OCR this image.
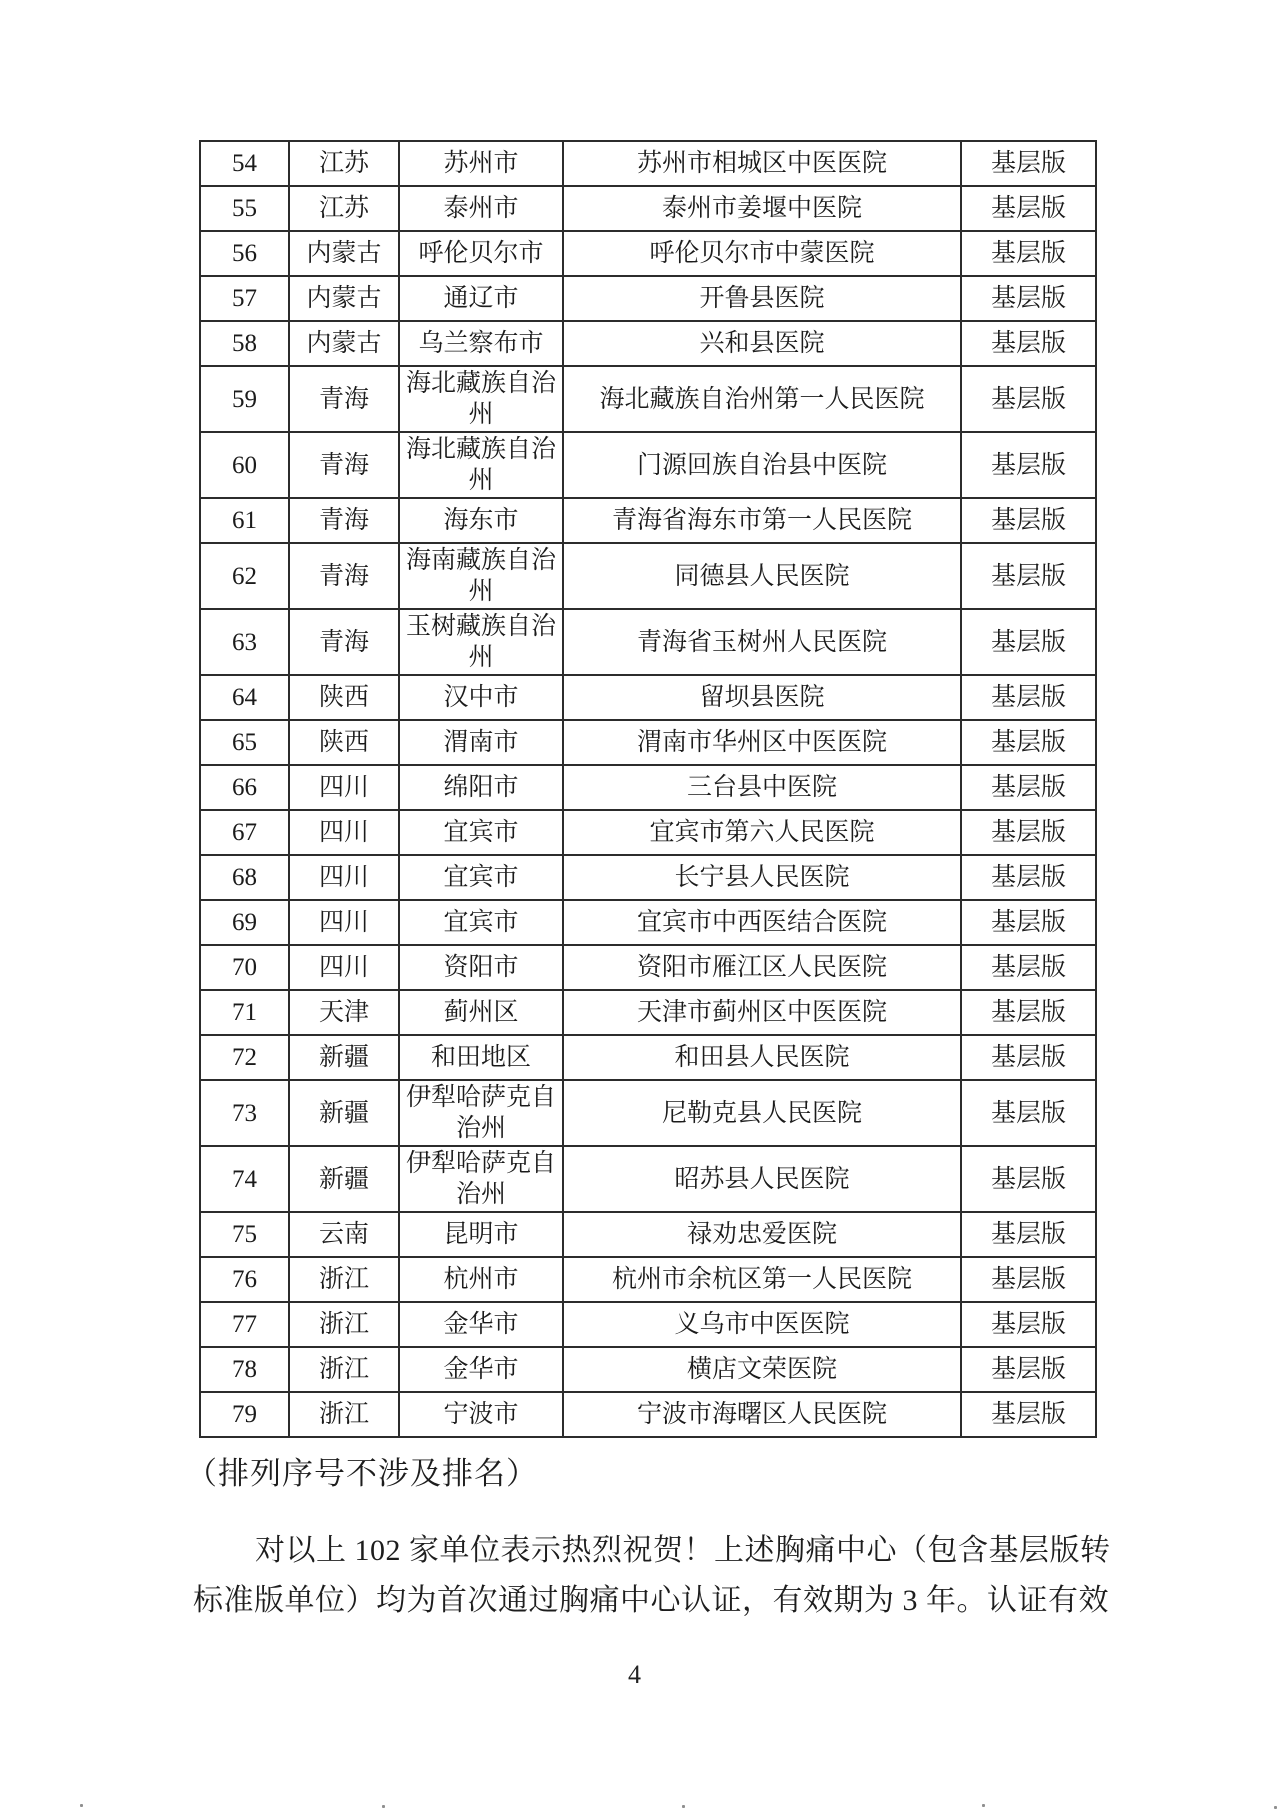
54	江苏	苏州市	苏州市相城区中医医院	基层版
55	江苏	泰州市	泰州市姜堰中医院	基层版
56	内蒙古	呼伦贝尔市	呼伦贝尔市中蒙医院	基层版
57	内蒙古	通辽市	开鲁县医院	基层版
58	内蒙古	乌兰察布市	兴和县医院	基层版
59	青海	海北藏族自治州	海北藏族自治州第一人民医院	基层版
60	青海	海北藏族自治州	门源回族自治县中医院	基层版
61	青海	海东市	青海省海东市第一人民医院	基层版
62	青海	海南藏族自治州	同德县人民医院	基层版
63	青海	玉树藏族自治州	青海省玉树州人民医院	基层版
64	陕西	汉中市	留坝县医院	基层版
65	陕西	渭南市	渭南市华州区中医医院	基层版
66	四川	绵阳市	三台县中医院	基层版
67	四川	宜宾市	宜宾市第六人民医院	基层版
68	四川	宜宾市	长宁县人民医院	基层版
69	四川	宜宾市	宜宾市中西医结合医院	基层版
70	四川	资阳市	资阳市雁江区人民医院	基层版
71	天津	蓟州区	天津市蓟州区中医医院	基层版
72	新疆	和田地区	和田县人民医院	基层版
73	新疆	伊犁哈萨克自治州	尼勒克县人民医院	基层版
74	新疆	伊犁哈萨克自治州	昭苏县人民医院	基层版
75	云南	昆明市	禄劝忠爱医院	基层版
76	浙江	杭州市	杭州市余杭区第一人民医院	基层版
77	浙江	金华市	义乌市中医医院	基层版
78	浙江	金华市	横店文荣医院	基层版
79	浙江	宁波市	宁波市海曙区人民医院	基层版
（排列序号不涉及排名）
对以上 102 家单位表示热烈祝贺！上述胸痛中心（包含基层版转
标准版单位）均为首次通过胸痛中心认证，有效期为 3 年。认证有效
4
